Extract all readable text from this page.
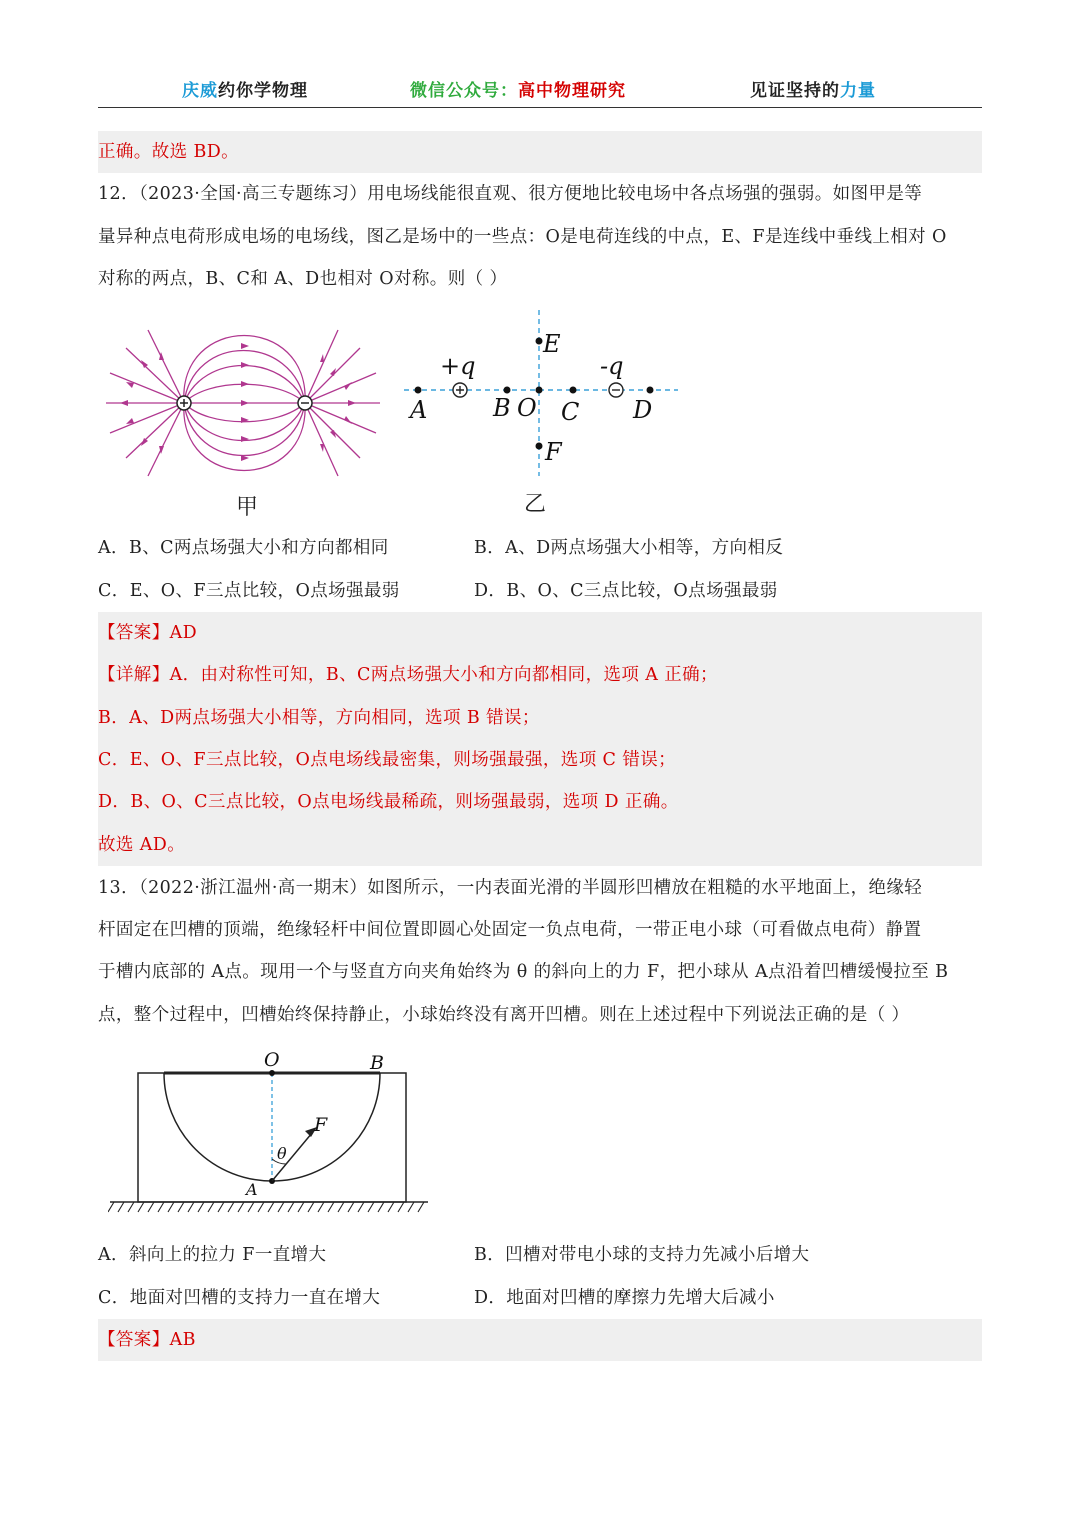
庆威约你学物理	微信公众号：高中物理研究	见证坚持的力量
正确。故选 BD。
12．（2023·全国·高三专题练习）用电场线能很直观、很方便地比较电场中各点场强的强弱。如图甲是等
量异种点电荷形成电场的电场线，图乙是场中的一些点：O是电荷连线的中点，E、F是连线中垂线上相对 O
对称的两点，B、C和 A、D也相对 O对称。则（ ）
甲
E
F
A	B O C D
+q	-q
乙
A．B、C两点场强大小和方向都相同	B．A、D两点场强大小相等，方向相反
C．E、O、F三点比较，O点场强最弱	D．B、O、C三点比较，O点场强最弱
【答案】AD
【详解】A．由对称性可知，B、C两点场强大小和方向都相同，选项 A 正确；
B．A、D两点场强大小相等，方向相同，选项 B 错误；
C．E、O、F三点比较，O点电场线最密集，则场强最强，选项 C 错误；
D．B、O、C三点比较，O点电场线最稀疏，则场强最弱，选项 D 正确。
故选 AD。
13．（2022·浙江温州·高一期末）如图所示，一内表面光滑的半圆形凹槽放在粗糙的水平地面上，绝缘轻
杆固定在凹槽的顶端，绝缘轻杆中间位置即圆心处固定一负点电荷，一带正电小球（可看做点电荷）静置
于槽内底部的 A点。现用一个与竖直方向夹角始终为 θ 的斜向上的力 F，把小球从 A点沿着凹槽缓慢拉至 B
点，整个过程中，凹槽始终保持静止，小球始终没有离开凹槽。则在上述过程中下列说法正确的是（ ）
O	B
F
θ
A
A．斜向上的拉力 F一直增大	B．凹槽对带电小球的支持力先减小后增大
C．地面对凹槽的支持力一直在增大	D．地面对凹槽的摩擦力先增大后减小
【答案】AB
